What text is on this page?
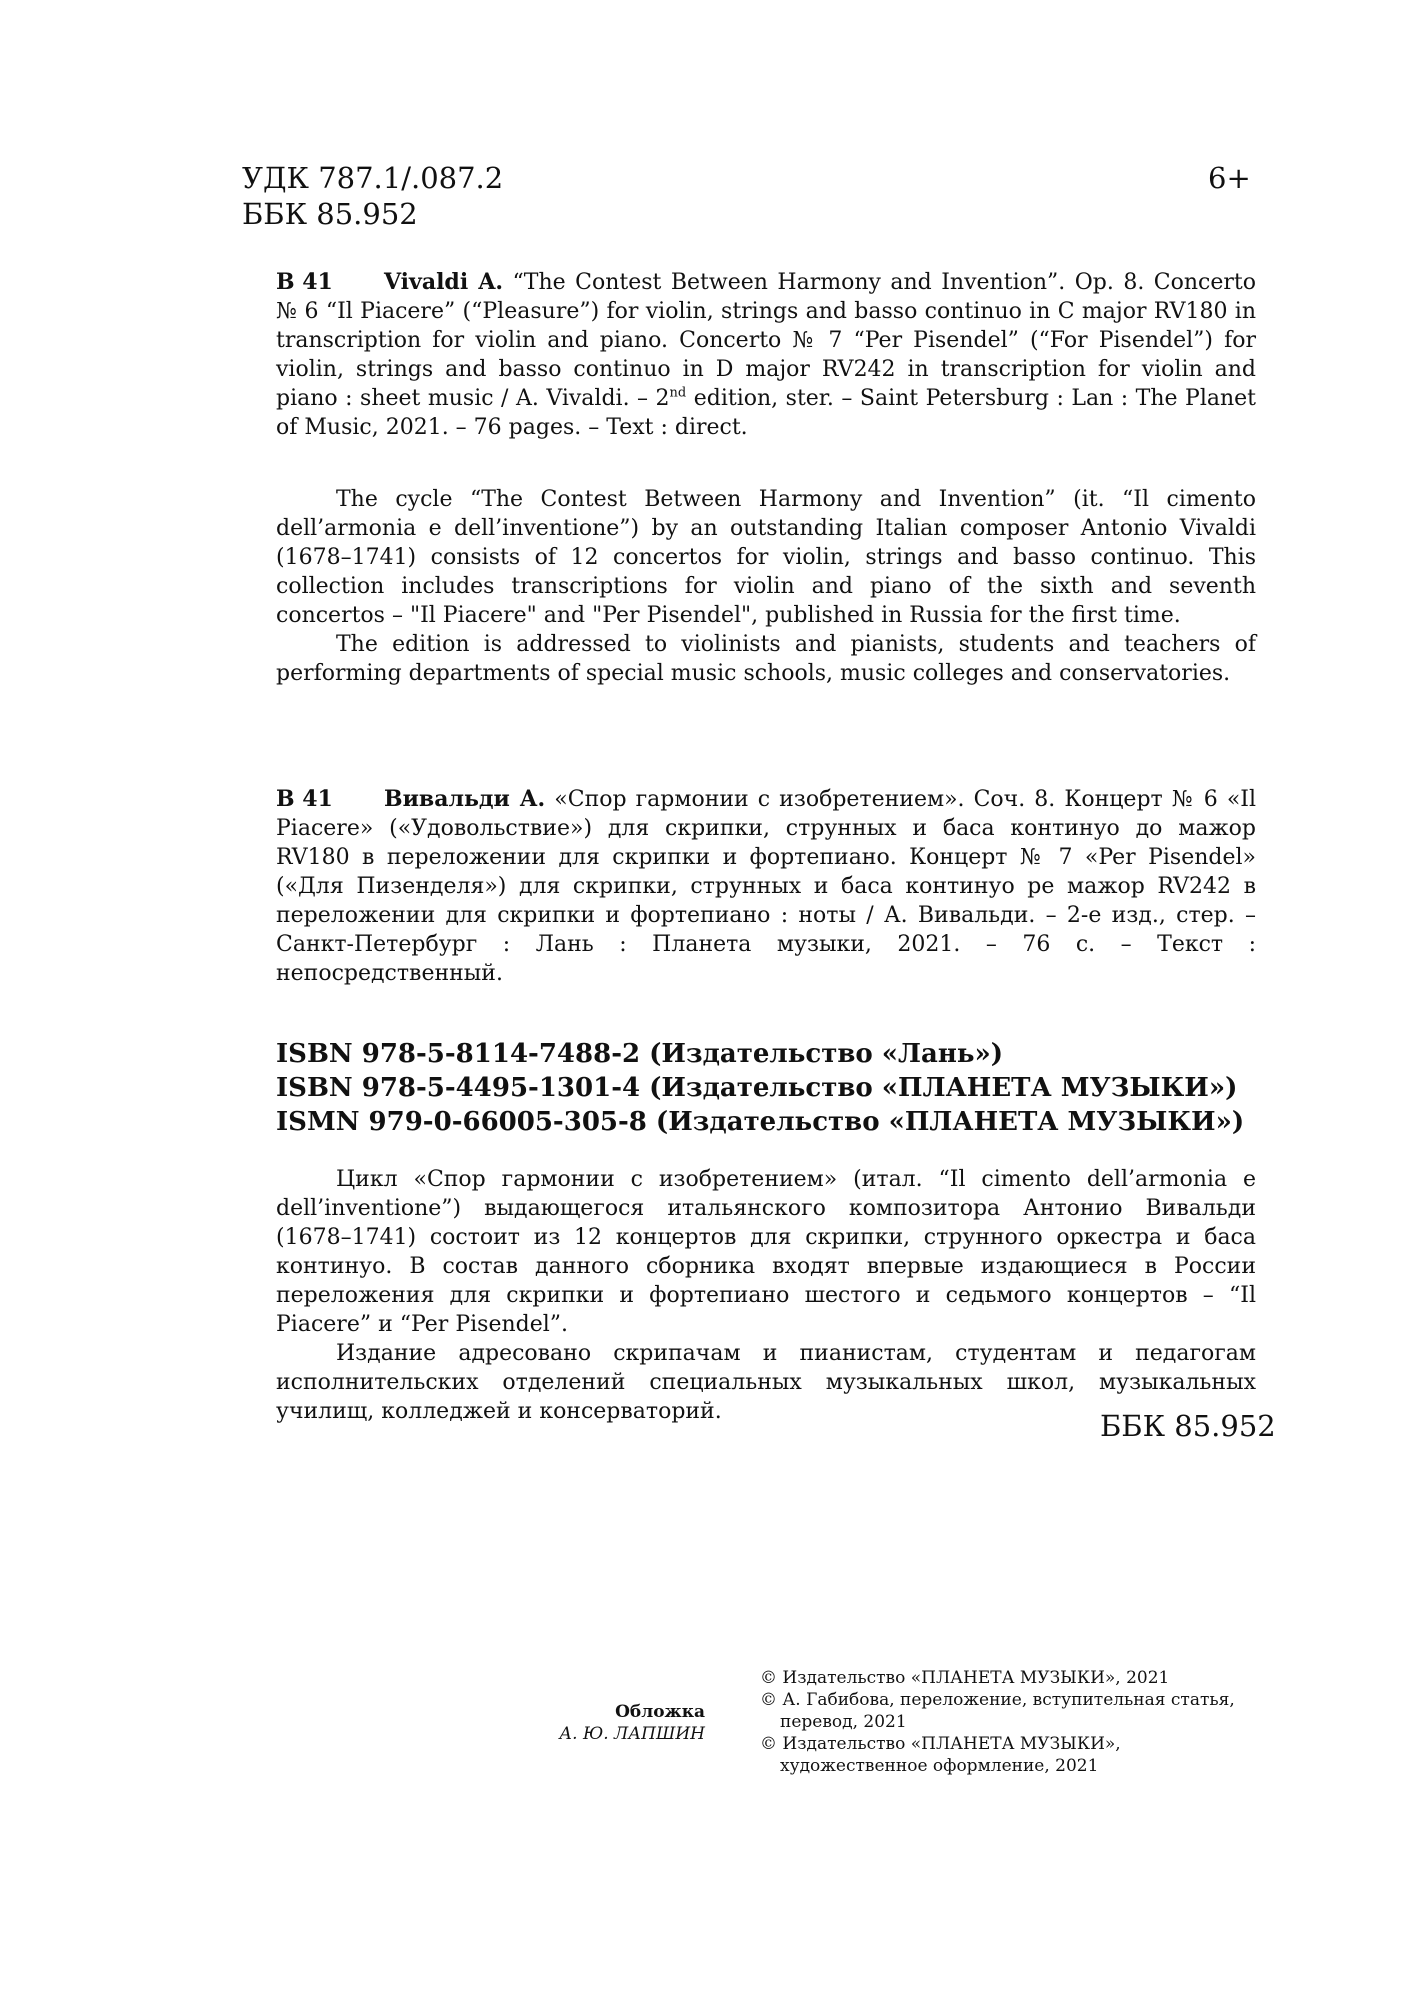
УДК 787.1/.087.2
ББК 85.952
6+
В 41 Vivaldi A. “The Contest Between Harmony and Invention”. Op. 8. Concerto № 6 “Il Piacere” (“Pleasure”) for violin, strings and basso continuo in C major RV180 in transcription for violin and piano. Concerto № 7 “Per Pisendel” (“For Pisendel”) for violin, strings and basso continuo in D major RV242 in transcription for violin and piano : sheet music / A. Vivaldi. – 2nd edition, ster. – Saint Petersburg : Lan : The Planet of Music, 2021. – 76 pages. – Text : direct.

The cycle “The Contest Between Harmony and Invention” (it. “Il cimento dell’armonia e dell’inventione”) by an outstanding Italian composer Antonio Vivaldi (1678–1741) consists of 12 concertos for violin, strings and basso continuo. This collection includes transcriptions for violin and piano of the sixth and seventh concertos – "Il Piacere" and "Per Pisendel", published in Russia for the first time.

The edition is addressed to violinists and pianists, students and teachers of performing departments of special music schools, music colleges and conservatories.

В 41 Вивальди А. «Спор гармонии с изобретением». Соч. 8. Концерт № 6 «Il Piacere» («Удовольствие») для скрипки, струнных и баса континуо до мажор RV180 в переложении для скрипки и фортепиано. Концерт № 7 «Per Pisendel» («Для Пизенделя») для скрипки, струнных и баса континуо ре мажор RV242 в переложении для скрипки и фортепиано : ноты / А. Вивальди. – 2-е изд., стер. – Санкт-Петербург : Лань : Планета музыки, 2021. – 76 с. – Текст : непосредственный.
ISBN 978-5-8114-7488-2 (Издательство «Лань»)
ISBN 978-5-4495-1301-4 (Издательство «ПЛАНЕТА МУЗЫКИ»)
ISMN 979-0-66005-305-8 (Издательство «ПЛАНЕТА МУЗЫКИ»)

Цикл «Спор гармонии с изобретением» (итал. “Il cimento dell’armonia e dell’inventione”) выдающегося итальянского композитора Антонио Вивальди (1678–1741) состоит из 12 концертов для скрипки, струнного оркестра и баса континуо. В состав данного сборника входят впервые издающиеся в России переложения для скрипки и фортепиано шестого и седьмого концертов – “Il Piacere” и “Per Pisendel”.

Издание адресовано скрипачам и пианистам, студентам и педагогам исполнительских отделений специальных музыкальных школ, музыкальных училищ, колледжей и консерваторий.	ББК 85.952
Обложка
А. Ю. ЛАПШИН
© Издательство «ПЛАНЕТА МУЗЫКИ», 2021
© А. Габибова, переложение, вступительная статья, перевод, 2021
© Издательство «ПЛАНЕТА МУЗЫКИ», художественное оформление, 2021
